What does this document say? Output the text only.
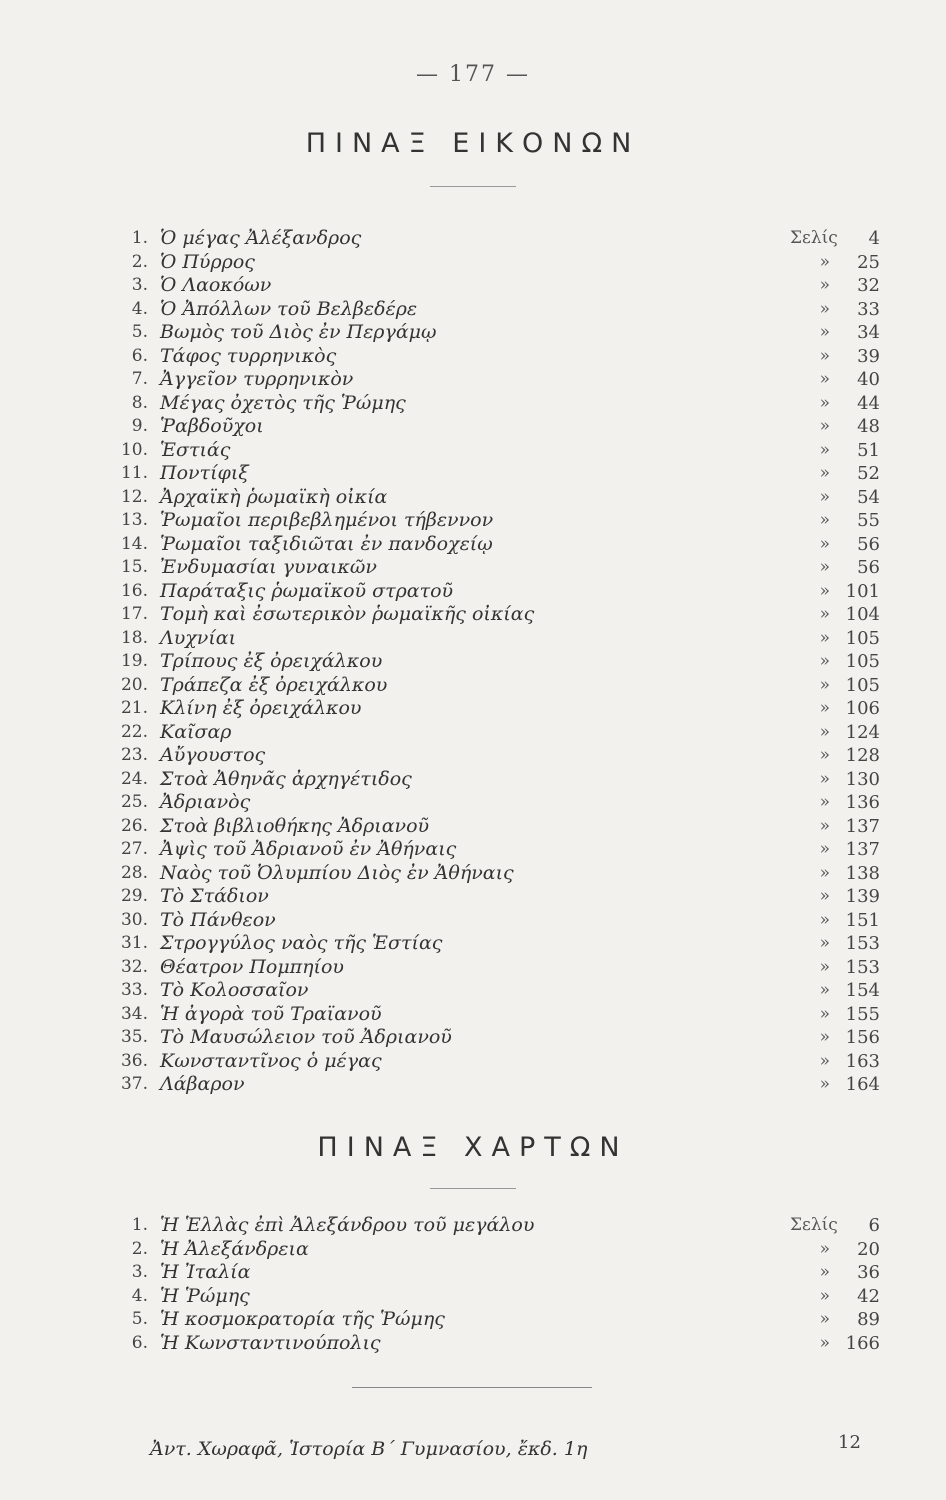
— 177 —
ΠΙΝΑΞ ΕΙΚΟΝΩΝ
1. Ὁ μέγας Ἀλέξανδρος	Σελίς	4
2. Ὁ Πύρρος	»	25
3. Ὁ Λαοκόων	»	32
4. Ὁ Ἀπόλλων τοῦ Βελβεδέρε	»	33
5. Βωμὸς τοῦ Διὸς ἐν Περγάμῳ	»	34
6. Τάφος τυρρηνικὸς	»	39
7. Ἀγγεῖον τυρρηνικὸν	»	40
8. Μέγας ὀχετὸς τῆς Ῥώμης	»	44
9. Ῥαβδοῦχοι	»	48
10. Ἑστιάς	»	51
11. Ποντίφιξ	»	52
12. Ἀρχαϊκὴ ῥωμαϊκὴ οἰκία	»	54
13. Ῥωμαῖοι περιβεβλημένοι τήβεννον	»	55
14. Ῥωμαῖοι ταξιδιῶται ἐν πανδοχείῳ	»	56
15. Ἐνδυμασίαι γυναικῶν	»	56
16. Παράταξις ῥωμαϊκοῦ στρατοῦ	» 101
17. Τομὴ καὶ ἐσωτερικὸν ῥωμαϊκῆς οἰκίας	» 104
18. Λυχνίαι	» 105
19. Τρίπους ἐξ ὀρειχάλκου	» 105
20. Τράπεζα ἐξ ὀρειχάλκου	» 105
21. Κλίνη ἐξ ὀρειχάλκου	» 106
22. Καῖσαρ	» 124
23. Αὔγουστος	» 128
24. Στοὰ Ἀθηνᾶς ἀρχηγέτιδος	» 130
25. Ἀδριανὸς	» 136
26. Στοὰ βιβλιοθήκης Ἀδριανοῦ	» 137
27. Ἀψὶς τοῦ Ἀδριανοῦ ἐν Ἀθήναις	» 137
28. Ναὸς τοῦ Ὀλυμπίου Διὸς ἐν Ἀθήναις	» 138
29. Τὸ Στάδιον	» 139
30. Τὸ Πάνθεον	» 151
31. Στρογγύλος ναὸς τῆς Ἑστίας	» 153
32. Θέατρον Πομπηίου	» 153
33. Τὸ Κολοσσαῖον	» 154
34. Ἡ ἀγορὰ τοῦ Τραϊανοῦ	» 155
35. Τὸ Μαυσώλειον τοῦ Ἀδριανοῦ	» 156
36. Κωνσταντῖνος ὁ μέγας	» 163
37. Λάβαρον	» 164
ΠΙΝΑΞ ΧΑΡΤΩΝ
1. Ἡ Ἑλλὰς ἐπὶ Ἀλεξάνδρου τοῦ μεγάλου	Σελίς	6
2. Ἡ Ἀλεξάνδρεια	»	20
3. Ἡ Ἰταλία	»	36
4. Ἡ Ῥώμης	»	42
5. Ἡ κοσμοκρατορία τῆς Ῥώμης	»	89
6. Ἡ Κωνσταντινούπολις	» 166
Ἀντ. Χωραφᾶ, Ἱστορία Β΄ Γυμνασίου, ἔκδ. 1η	12
